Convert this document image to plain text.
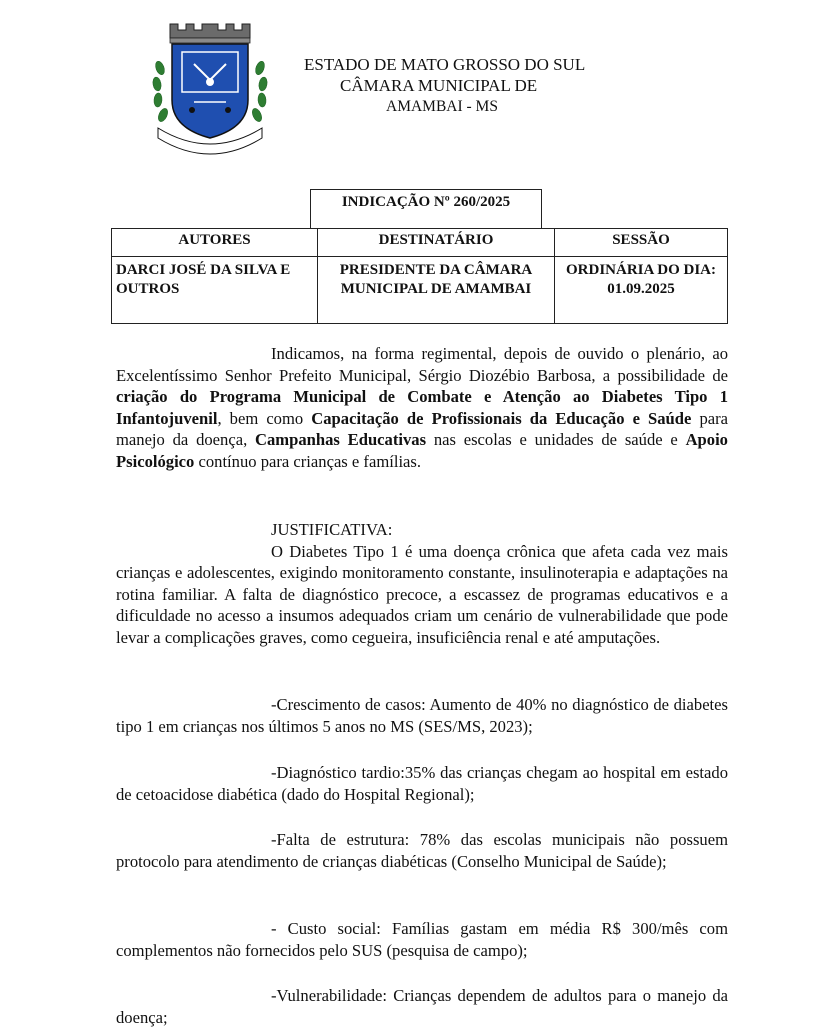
ESTADO DE MATO GROSSO DO SUL
CÂMARA MUNICIPAL DE
AMAMBAI - MS
INDICAÇÃO Nº 260/2025
AUTORES	DESTINATÁRIO	SESSÃO
DARCI JOSÉ DA SILVA E OUTROS	PRESIDENTE DA CÂMARA MUNICIPAL DE AMAMBAI	ORDINÁRIA DO DIA:
01.09.2025

Indicamos, na forma regimental, depois de ouvido o plenário, ao Excelentíssimo Senhor Prefeito Municipal, Sérgio Diozébio Barbosa, a possibilidade de criação do Programa Municipal de Combate e Atenção ao Diabetes Tipo 1 Infantojuvenil, bem como Capacitação de Profissionais da Educação e Saúde para manejo da doença, Campanhas Educativas nas escolas e unidades de saúde e Apoio Psicológico contínuo para crianças e famílias.

JUSTIFICATIVA:

O Diabetes Tipo 1 é uma doença crônica que afeta cada vez mais crianças e adolescentes, exigindo monitoramento constante, insulinoterapia e adaptações na rotina familiar. A falta de diagnóstico precoce, a escassez de programas educativos e a dificuldade no acesso a insumos adequados criam um cenário de vulnerabilidade que pode levar a complicações graves, como cegueira, insuficiência renal e até amputações.

-Crescimento de casos: Aumento de 40% no diagnóstico de diabetes tipo 1 em crianças nos últimos 5 anos no MS (SES/MS, 2023);

-Diagnóstico tardio:35% das crianças chegam ao hospital em estado de cetoacidose diabética (dado do Hospital Regional);

-Falta de estrutura: 78% das escolas municipais não possuem protocolo para atendimento de crianças diabéticas (Conselho Municipal de Saúde);

- Custo social: Famílias gastam em média R$ 300/mês com complementos não fornecidos pelo SUS (pesquisa de campo);

-Vulnerabilidade: Crianças dependem de adultos para o manejo da doença;
